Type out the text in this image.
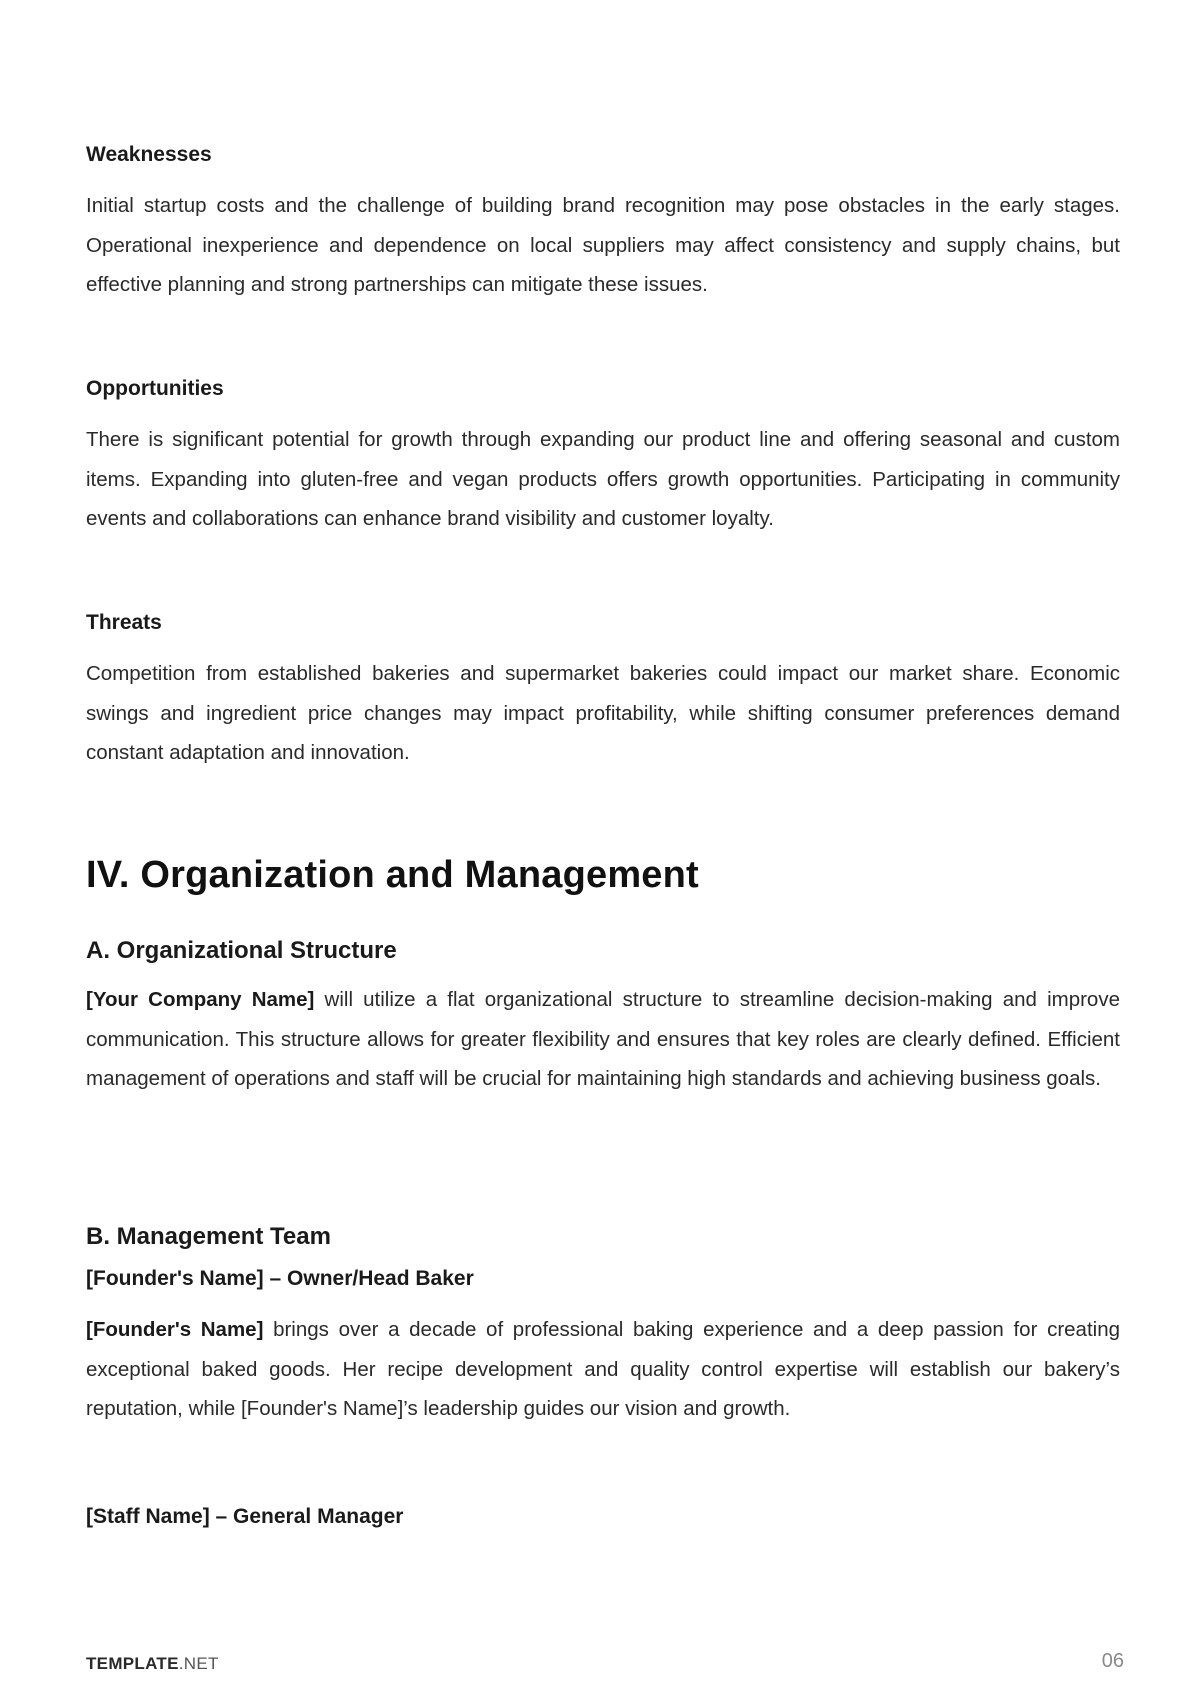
Weaknesses

Initial startup costs and the challenge of building brand recognition may pose obstacles in the early stages. Operational inexperience and dependence on local suppliers may affect consistency and supply chains, but effective planning and strong partnerships can mitigate these issues.

Opportunities

There is significant potential for growth through expanding our product line and offering seasonal and custom items. Expanding into gluten-free and vegan products offers growth opportunities. Participating in community events and collaborations can enhance brand visibility and customer loyalty.

Threats

Competition from established bakeries and supermarket bakeries could impact our market share. Economic swings and ingredient price changes may impact profitability, while shifting consumer preferences demand constant adaptation and innovation.

IV. Organization and Management
A. Organizational Structure

[Your Company Name] will utilize a flat organizational structure to streamline decision-making and improve communication. This structure allows for greater flexibility and ensures that key roles are clearly defined. Efficient management of operations and staff will be crucial for maintaining high standards and achieving business goals.

B. Management Team

[Founder's Name] – Owner/Head Baker

[Founder's Name] brings over a decade of professional baking experience and a deep passion for creating exceptional baked goods. Her recipe development and quality control expertise will establish our bakery’s reputation, while [Founder's Name]’s leadership guides our vision and growth.

[Staff Name] – General Manager

TEMPLATE.NET	06
